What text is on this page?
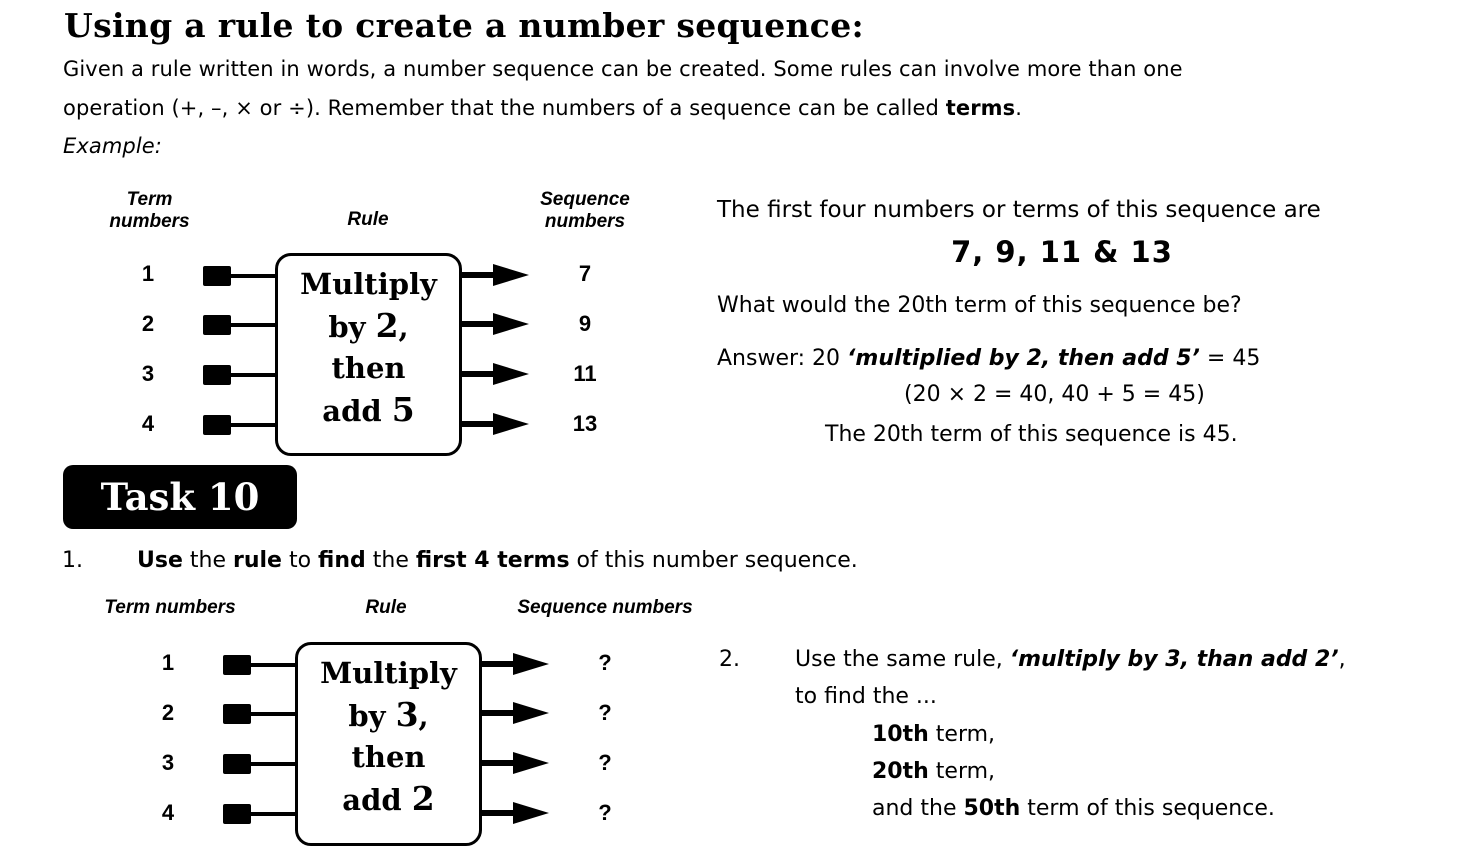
Using a rule to create a number sequence:
Given a rule written in words, a number sequence can be created. Some rules can involve more than one
operation (+, –, × or ÷). Remember that the numbers of a sequence can be called terms.
Example:
Term
numbers	Rule
Sequence
numbers
1
2
3
4
Multiply
by 2,
then
add 5
7
9
11
13
The first four numbers or terms of this sequence are
7, 9, 11 & 13
What would the 20th term of this sequence be?
Answer: 20 ‘multiplied by 2, then add 5’ = 45
(20 × 2 = 40, 40 + 5 = 45)
The 20th term of this sequence is 45.
Task 10
1. Use the rule to find the first 4 terms of this number sequence.
Term numbers	Rule	Sequence numbers
1
2
3
4
Multiply
by 3,
then
add 2
?
?
?
?
2.	Use the same rule, ‘multiply by 3, than add 2’,
to find the ...
10th term,
20th term,
and the 50th term of this sequence.
